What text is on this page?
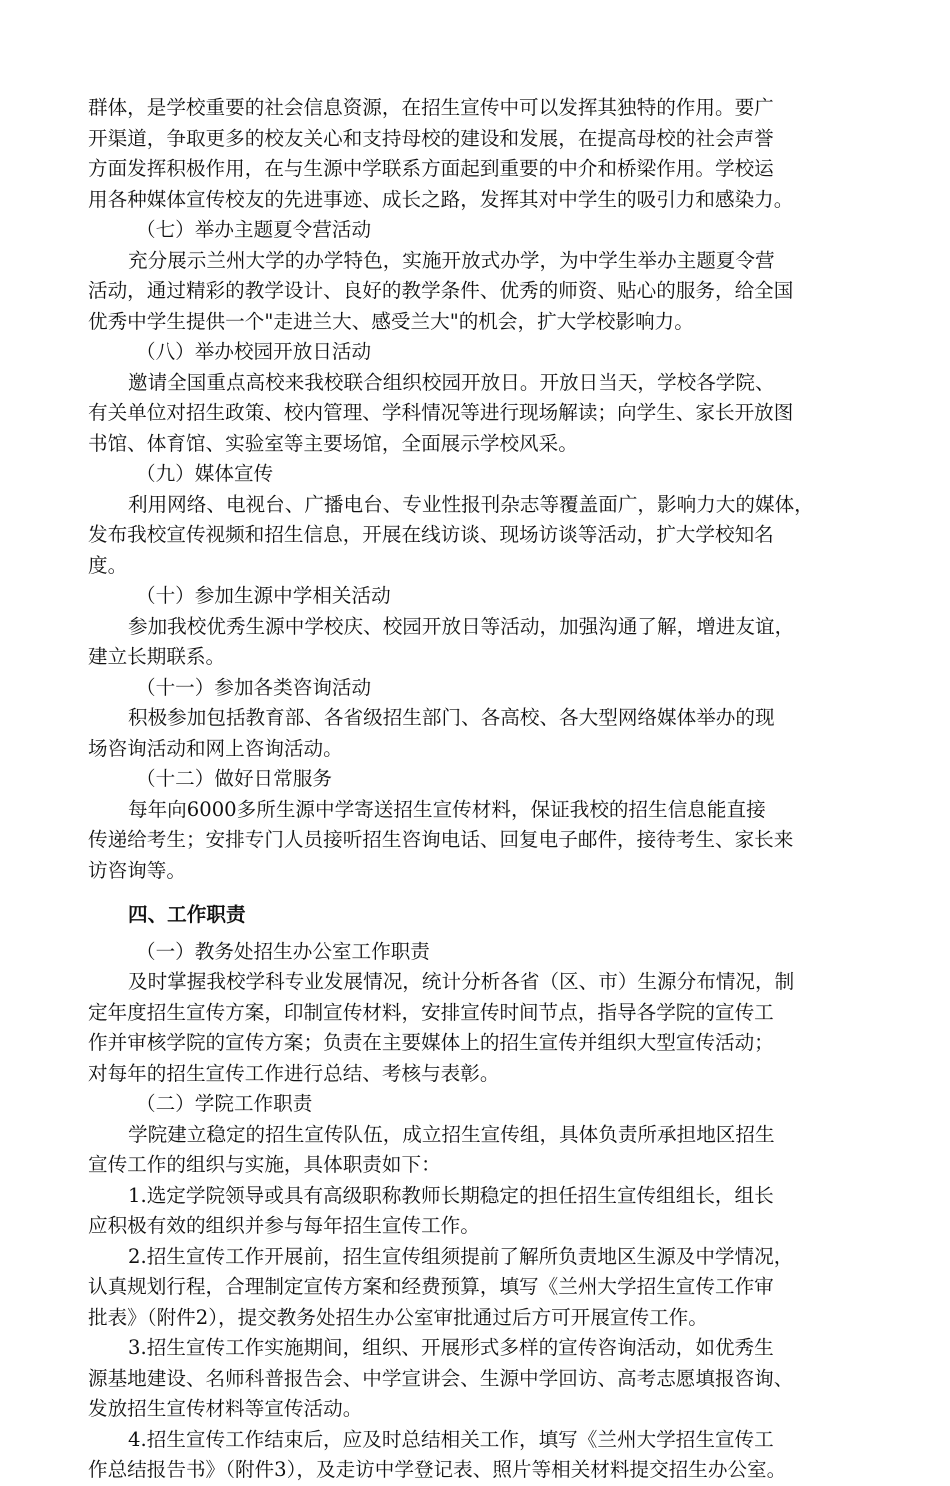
群体，是学校重要的社会信息资源，在招生宣传中可以发挥其独特的作用。要广
开渠道，争取更多的校友关心和支持母校的建设和发展，在提高母校的社会声誉
方面发挥积极作用，在与生源中学联系方面起到重要的中介和桥梁作用。学校运
用各种媒体宣传校友的先进事迹、成长之路，发挥其对中学生的吸引力和感染力。
（七）举办主题夏令营活动
充分展示兰州大学的办学特色，实施开放式办学，为中学生举办主题夏令营
活动，通过精彩的教学设计、良好的教学条件、优秀的师资、贴心的服务，给全国
优秀中学生提供一个"走进兰大、感受兰大"的机会，扩大学校影响力。
（八）举办校园开放日活动
邀请全国重点高校来我校联合组织校园开放日。开放日当天，学校各学院、
有关单位对招生政策、校内管理、学科情况等进行现场解读；向学生、家长开放图
书馆、体育馆、实验室等主要场馆，全面展示学校风采。
（九）媒体宣传
利用网络、电视台、广播电台、专业性报刊杂志等覆盖面广，影响力大的媒体，
发布我校宣传视频和招生信息，开展在线访谈、现场访谈等活动，扩大学校知名
度。
（十）参加生源中学相关活动
参加我校优秀生源中学校庆、校园开放日等活动，加强沟通了解，增进友谊，
建立长期联系。
（十一）参加各类咨询活动
积极参加包括教育部、各省级招生部门、各高校、各大型网络媒体举办的现
场咨询活动和网上咨询活动。
（十二）做好日常服务
每年向6000多所生源中学寄送招生宣传材料，保证我校的招生信息能直接
传递给考生；安排专门人员接听招生咨询电话、回复电子邮件，接待考生、家长来
访咨询等。
四、工作职责
（一）教务处招生办公室工作职责
及时掌握我校学科专业发展情况，统计分析各省（区、市）生源分布情况，制
定年度招生宣传方案，印制宣传材料，安排宣传时间节点，指导各学院的宣传工
作并审核学院的宣传方案；负责在主要媒体上的招生宣传并组织大型宣传活动；
对每年的招生宣传工作进行总结、考核与表彰。
（二）学院工作职责
学院建立稳定的招生宣传队伍，成立招生宣传组，具体负责所承担地区招生
宣传工作的组织与实施，具体职责如下：
1.选定学院领导或具有高级职称教师长期稳定的担任招生宣传组组长，组长
应积极有效的组织并参与每年招生宣传工作。
2.招生宣传工作开展前，招生宣传组须提前了解所负责地区生源及中学情况，
认真规划行程，合理制定宣传方案和经费预算，填写《兰州大学招生宣传工作审
批表》（附件2），提交教务处招生办公室审批通过后方可开展宣传工作。
3.招生宣传工作实施期间，组织、开展形式多样的宣传咨询活动，如优秀生
源基地建设、名师科普报告会、中学宣讲会、生源中学回访、高考志愿填报咨询、
发放招生宣传材料等宣传活动。
4.招生宣传工作结束后，应及时总结相关工作，填写《兰州大学招生宣传工
作总结报告书》（附件3），及走访中学登记表、照片等相关材料提交招生办公室。
